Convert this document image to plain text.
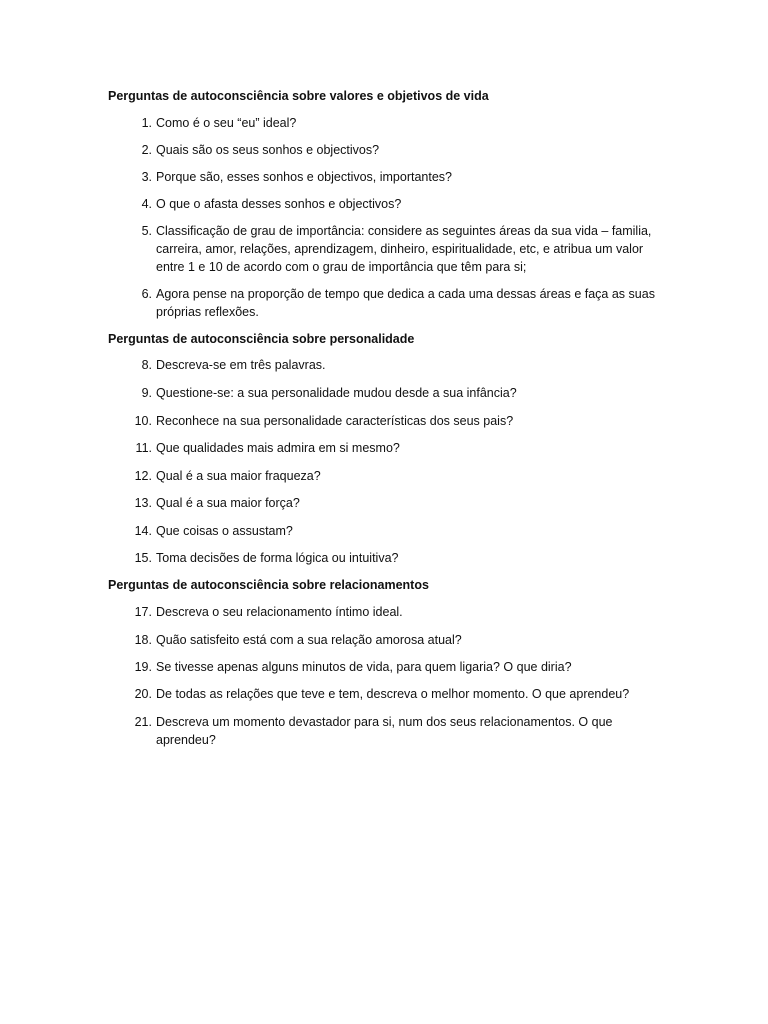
Perguntas de autoconsciência sobre valores e objetivos de vida
1. Como é o seu “eu” ideal?
2. Quais são os seus sonhos e objectivos?
3. Porque são, esses sonhos e objectivos, importantes?
4. O que o afasta desses sonhos e objectivos?
5. Classificação de grau de importância: considere as seguintes áreas da sua vida – familia, carreira, amor, relações, aprendizagem, dinheiro, espiritualidade, etc, e atribua um valor entre 1 e 10 de acordo com o grau de importância que têm para si;
6. Agora pense na proporção de tempo que dedica a cada uma dessas áreas e faça as suas próprias reflexões.
Perguntas de autoconsciência sobre personalidade
8. Descreva-se em três palavras.
9. Questione-se: a sua personalidade mudou desde a sua infância?
10. Reconhece na sua personalidade características dos seus pais?
11. Que qualidades mais admira em si mesmo?
12. Qual é a sua maior fraqueza?
13. Qual é a sua maior força?
14. Que coisas o assustam?
15. Toma decisões de forma lógica ou intuitiva?
Perguntas de autoconsciência sobre relacionamentos
17. Descreva o seu relacionamento íntimo ideal.
18. Quão satisfeito está com a sua relação amorosa atual?
19. Se tivesse apenas alguns minutos de vida, para quem ligaria? O que diria?
20. De todas as relações que teve e tem, descreva o melhor momento. O que aprendeu?
21. Descreva um momento devastador para si, num dos seus relacionamentos. O que aprendeu?
